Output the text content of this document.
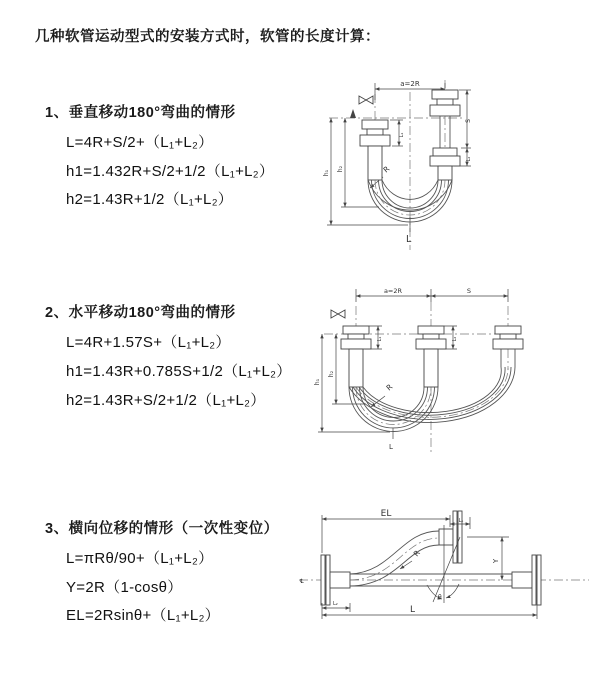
几种软管运动型式的安装方式时，软管的长度计算：
1、垂直移动180°弯曲的情形
L=4R+S/2+（L₁+L₂）
h1=1.432R+S/2+1/2（L₁+L₂）
h2=1.43R+1/2（L₁+L₂）
a=2R
S
L₂
L₁
h₁
h₂	R
L
2、水平移动180°弯曲的情形
L=4R+1.57S+（L₁+L₂）
h1=1.43R+0.785S+1/2（L₁+L₂）
h2=1.43R+S/2+1/2（L₁+L₂）
a=2R	S
h₁
h₂
L₁	L₂
R
L
3、横向位移的情形（一次性变位）
L=πRθ/90+（L₁+L₂）
Y=2R（1-cosθ）
EL=2Rsinθ+（L₁+L₂）
EL
L₁
Y
R
θ
L
L₂
℄
